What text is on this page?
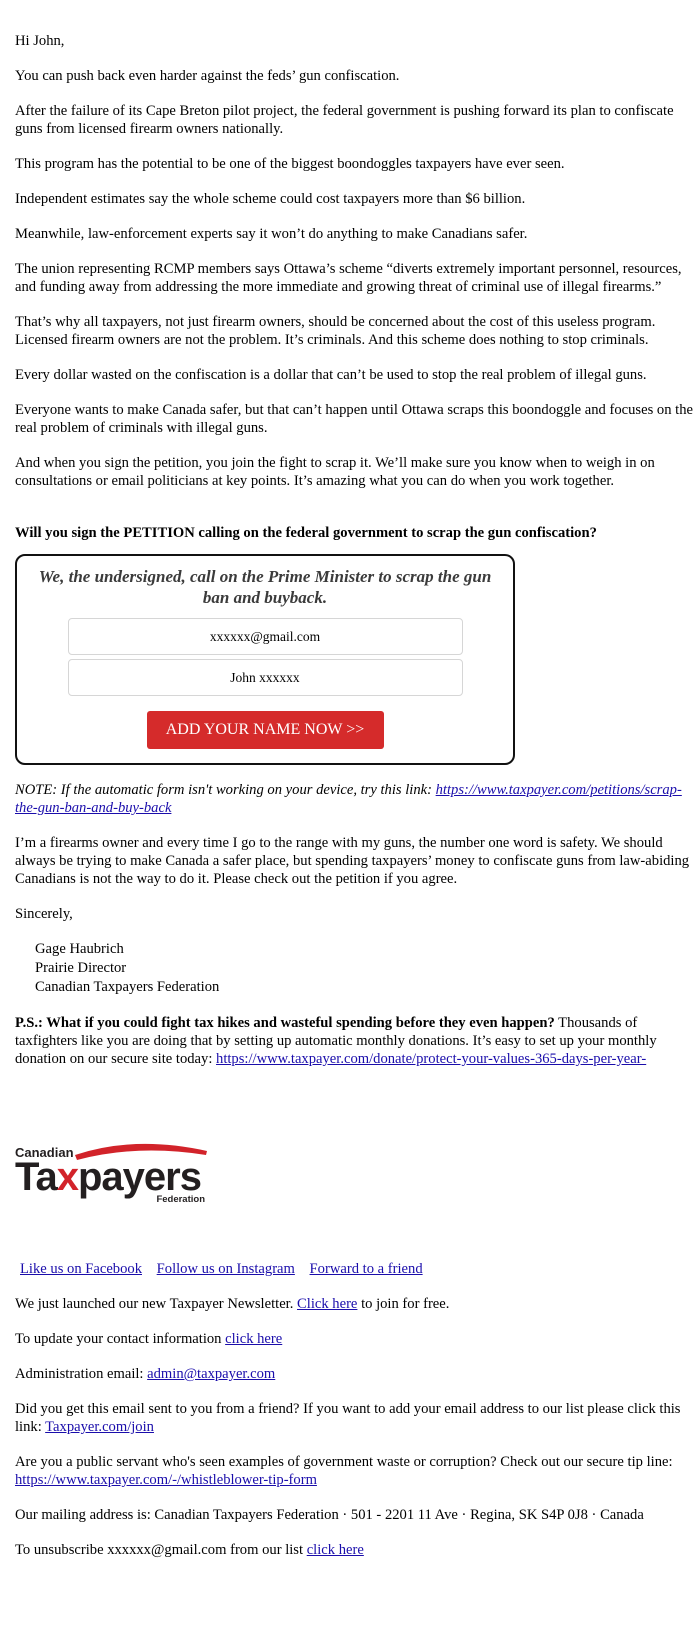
Hi John,

You can push back even harder against the feds’ gun confiscation.

After the failure of its Cape Breton pilot project, the federal government is pushing forward its plan to confiscate guns from licensed firearm owners nationally.

This program has the potential to be one of the biggest boondoggles taxpayers have ever seen.

Independent estimates say the whole scheme could cost taxpayers more than $6 billion.

Meanwhile, law-enforcement experts say it won’t do anything to make Canadians safer.

The union representing RCMP members says Ottawa’s scheme “diverts extremely important personnel, resources, and funding away from addressing the more immediate and growing threat of criminal use of illegal firearms.”

That’s why all taxpayers, not just firearm owners, should be concerned about the cost of this useless program. Licensed firearm owners are not the problem. It’s criminals. And this scheme does nothing to stop criminals.

Every dollar wasted on the confiscation is a dollar that can’t be used to stop the real problem of illegal guns.

Everyone wants to make Canada safer, but that can’t happen until Ottawa scraps this boondoggle and focuses on the real problem of criminals with illegal guns.

And when you sign the petition, you join the fight to scrap it. We’ll make sure you know when to weigh in on consultations or email politicians at key points. It’s amazing what you can do when you work together.

Will you sign the PETITION calling on the federal government to scrap the gun confiscation?

We, the undersigned, call on the Prime Minister to scrap the gun ban and buyback.
xxxxxx@gmail.com
John xxxxxx ADD YOUR NAME NOW >>

NOTE: If the automatic form isn't working on your device, try this link: https://www.taxpayer.com/petitions/scrap-the-gun-ban-and-buy-back

I’m a firearms owner and every time I go to the range with my guns, the number one word is safety. We should always be trying to make Canada a safer place, but spending taxpayers’ money to confiscate guns from law-abiding Canadians is not the way to do it. Please check out the petition if you agree.

Sincerely,

Gage Haubrich
Prairie Director
Canadian Taxpayers Federation

P.S.: What if you could fight tax hikes and wasteful spending before they even happen? Thousands of taxfighters like you are doing that by setting up automatic monthly donations. It’s easy to set up your monthly donation on our secure site today: https://www.taxpayer.com/donate/protect-your-values-365-days-per-year-

Canadian
Taxpayers
Federation
Like us on Facebook Follow us on Instagram Forward to a friend

We just launched our new Taxpayer Newsletter. Click here to join for free.

To update your contact information click here

Administration email: admin@taxpayer.com

Did you get this email sent to you from a friend? If you want to add your email address to our list please click this link: Taxpayer.com/join

Are you a public servant who's seen examples of government waste or corruption? Check out our secure tip line: https://www.taxpayer.com/-/whistleblower-tip-form

Our mailing address is: Canadian Taxpayers Federation · 501 - 2201 11 Ave · Regina, SK S4P 0J8 · Canada

To unsubscribe xxxxxx@gmail.com from our list click here
